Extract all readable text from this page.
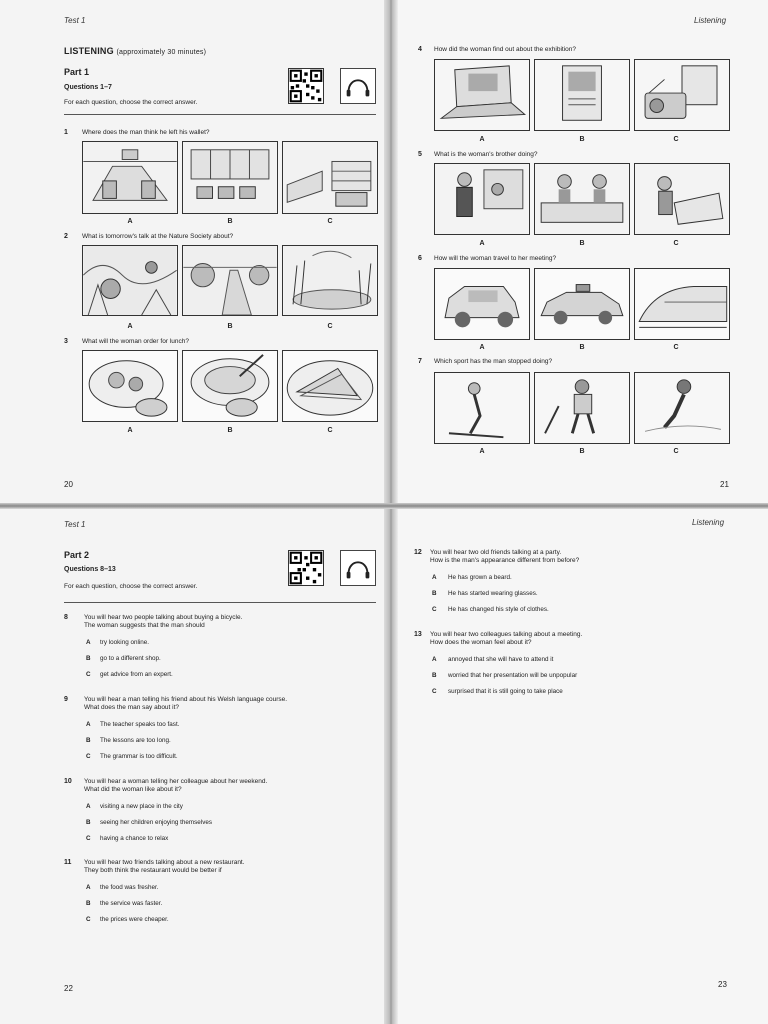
Test 1
LISTENING (approximately 30 minutes)
Part 1
Questions 1–7
For each question, choose the correct answer.
1	Where does the man think he left his wallet?
A	B	C
2	What is tomorrow's talk at the Nature Society about?
A	B	C
3	What will the woman order for lunch?
A	B	C
20
Listening
4	How did the woman find out about the exhibition?
A	B	C
5	What is the woman's brother doing?
A	B	C
6	How will the woman travel to her meeting?
A	B	C
7	Which sport has the man stopped doing?
A	B	C
21
Test 1
Part 2
Questions 8–13
For each question, choose the correct answer.
8	You will hear two people talking about buying a bicycle.
The woman suggests that the man should
A try looking online.
B go to a different shop.
C get advice from an expert.
9	You will hear a man telling his friend about his Welsh language course.
What does the man say about it?
A The teacher speaks too fast.
B The lessons are too long.
C The grammar is too difficult.
10	You will hear a woman telling her colleague about her weekend.
What did the woman like about it?
A visiting a new place in the city
B seeing her children enjoying themselves
C having a chance to relax
11	You will hear two friends talking about a new restaurant.
They both think the restaurant would be better if
A the food was fresher.
B the service was faster.
C the prices were cheaper.
22
Listening
12	You will hear two old friends talking at a party.
How is the man's appearance different from before?
A He has grown a beard.
B He has started wearing glasses.
C He has changed his style of clothes.
13	You will hear two colleagues talking about a meeting.
How does the woman feel about it?
A annoyed that she will have to attend it
B worried that her presentation will be unpopular
C surprised that it is still going to take place
23
